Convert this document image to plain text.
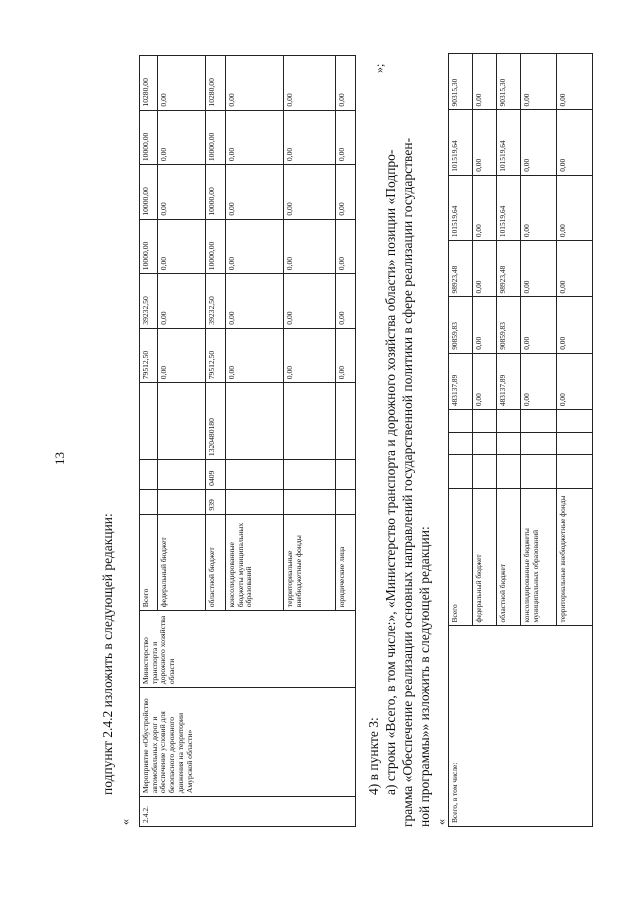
13
подпункт 2.4.2 изложить в следующей редакции:
« 2.4.2.	Мероприятие «Обустройство автомобильных дорог и обеспечение условий для безопасного дорожного движения на территории Амурской области»	Министерство транспорта и дорожного хозяйства области	Всего				79512,50	39232,50	10000,00	10000,00	10000,00	10280,00
			федеральный бюджет				0,00	0,00	0,00	0,00	0,00	0,00
			областной бюджет	939	0409	1320480180	79512,50	39232,50	10000,00	10000,00	10000,00	10280,00
			консолидированные бюджеты муниципальных образований				0,00	0,00	0,00	0,00	0,00	0,00
			территориальные внебюджетные фонды				0,00	0,00	0,00	0,00	0,00	0,00
			юридические лица				0,00	0,00	0,00	0,00	0,00	0,00
»;
4) в пункте 3: а) строки «Всего, в том числе:», «Министерство транспорта и дорожного хозяйства области» позиции «Подпро- грамма «Обеспечение реализации основных направлений государственной политики в сфере реализации государствен- ной программы»» изложить в следующей редакции: « Всего, в том числе:	Всего				483137,89	90859,83	98923,48	101519,64	101519,64	90315,30
	федеральный бюджет				0,00	0,00	0,00	0,00	0,00	0,00
	областной бюджет				483137,89	90859,83	98923,48	101519,64	101519,64	90315,30
	консолидированные бюджеты муниципальных образований				0,00	0,00	0,00	0,00	0,00	0,00
	территориальные внебюджетные фонды				0,00	0,00	0,00	0,00	0,00	0,00
